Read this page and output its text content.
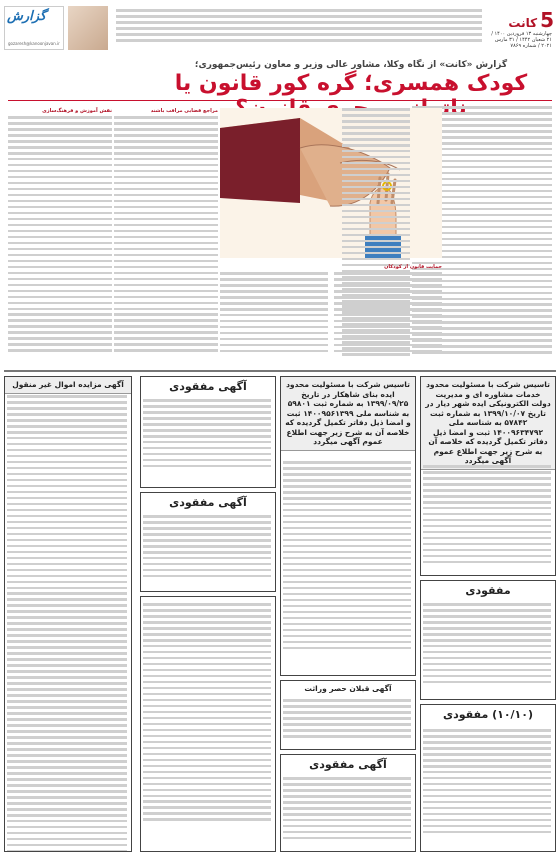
5
کانت
چهارشنبه ۱۳ فروردین ۱۴۰۰ / ۲۱ شعبان ۱۴۴۲ / ۳۱ مارس ۲۰۲۱ / شماره ۷۸۶۹
گزارش
gozaresh@kanoonjavan.ir
گزارش «کانت» از نگاه وکلا، مشاور عالی وزیر و معاون رئیس‌جمهوری؛
کودک همسری؛ گره کور قانون یا
حمایت قانون از کودکان
نقش آموزش و فرهنگ‌سازی	مراجع قضایی مراقب باشند
تاسیس شرکت با مسئولیت محدود خدمات مشاوره ای و مدیریت دولت الکترونیکی ایده شهر دیار در تاریخ ۱۳۹۹/۱۰/۰۷ به شماره ثبت ۵۷۸۴۲ به شناسه ملی ۱۴۰۰۹۶۳۴۷۹۲ ثبت و امضا ذیل دفاتر تکمیل گردیده که خلاصه آن به شرح زیر جهت اطلاع عموم آگهی میگردد
مفقودی
(۱۰/۱۰) مفقودی
تاسیس شرکت با مسئولیت محدود ایده بنای شاهکار در تاریخ ۱۳۹۹/۰۹/۲۵ به شماره ثبت ۵۹۸۰۱ به شناسه ملی ۱۴۰۰۹۵۶۱۳۹۹ ثبت و امضا ذیل دفاتر تکمیل گردیده که خلاصه آن به شرح زیر جهت اطلاع عموم آگهی میگردد
آگهی قبلان حصر وراثت
آگهی مفقودی
آگهی مفقودی
آگهی مفقودی
آگهی مزایده اموال غیر منقول
